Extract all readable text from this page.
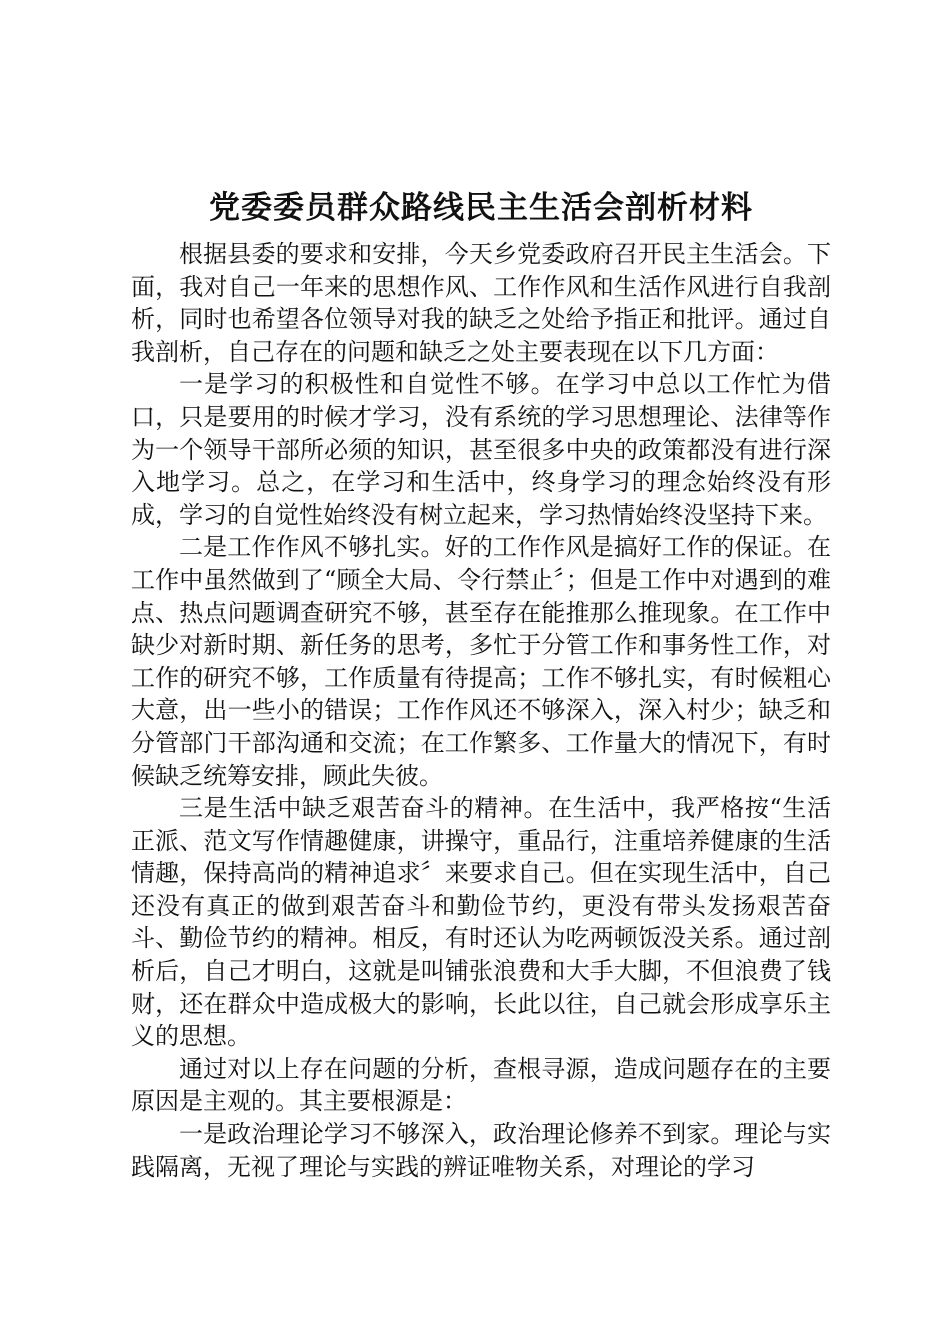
党委委员群众路线民主生活会剖析材料

根据县委的要求和安排，今天乡党委政府召开民主生活会。下面，我对自己一年来的思想作风、工作作风和生活作风进行自我剖析，同时也希望各位领导对我的缺乏之处给予指正和批评。通过自我剖析，自己存在的问题和缺乏之处主要表现在以下几方面：

一是学习的积极性和自觉性不够。在学习中总以工作忙为借口，只是要用的时候才学习，没有系统的学习思想理论、法律等作为一个领导干部所必须的知识，甚至很多中央的政策都没有进行深入地学习。总之，在学习和生活中，终身学习的理念始终没有形成，学习的自觉性始终没有树立起来，学习热情始终没坚持下来。

二是工作作风不够扎实。好的工作作风是搞好工作的保证。在工作中虽然做到了“顾全大局、令行禁止〞；但是工作中对遇到的难点、热点问题调查研究不够，甚至存在能推那么推现象。在工作中缺少对新时期、新任务的思考，多忙于分管工作和事务性工作，对工作的研究不够，工作质量有待提高；工作不够扎实，有时候粗心大意，出一些小的错误；工作作风还不够深入，深入村少；缺乏和分管部门干部沟通和交流；在工作繁多、工作量大的情况下，有时候缺乏统筹安排，顾此失彼。

三是生活中缺乏艰苦奋斗的精神。在生活中，我严格按“生活正派、范文写作情趣健康，讲操守，重品行，注重培养健康的生活情趣，保持高尚的精神追求〞来要求自己。但在实现生活中，自己还没有真正的做到艰苦奋斗和勤俭节约，更没有带头发扬艰苦奋斗、勤俭节约的精神。相反，有时还认为吃两顿饭没关系。通过剖析后，自己才明白，这就是叫铺张浪费和大手大脚，不但浪费了钱财，还在群众中造成极大的影响，长此以往，自己就会形成享乐主义的思想。

通过对以上存在问题的分析，查根寻源，造成问题存在的主要原因是主观的。其主要根源是：

一是政治理论学习不够深入，政治理论修养不到家。理论与实践隔离，无视了理论与实践的辨证唯物关系，对理论的学习
